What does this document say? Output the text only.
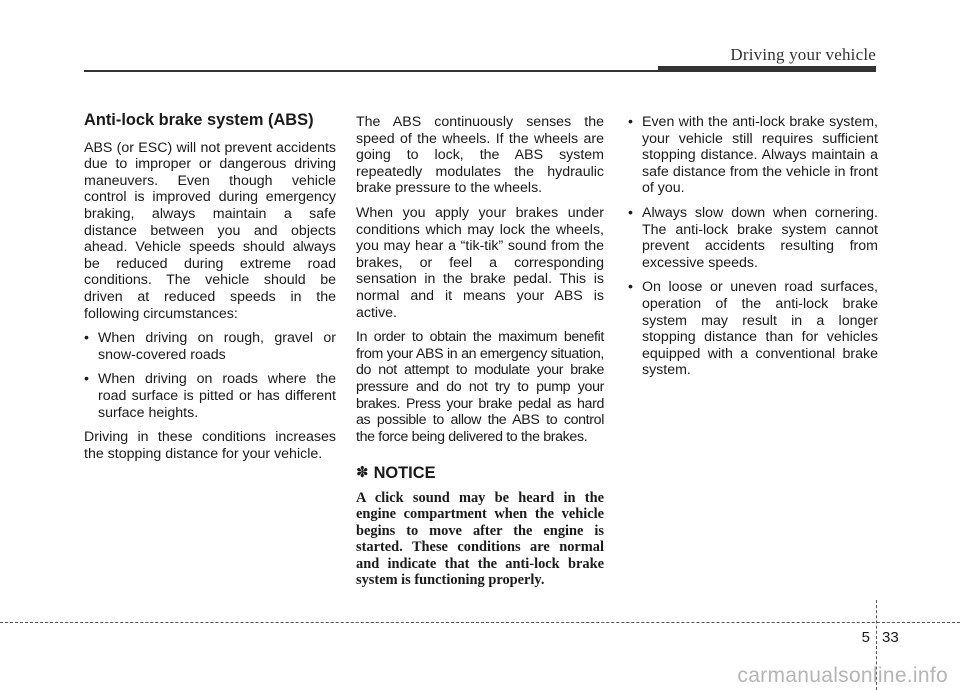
Driving your vehicle
Anti-lock brake system (ABS)

ABS (or ESC) will not prevent accidents due to improper or dangerous driving maneuvers. Even though vehicle control is improved during emergency braking, always maintain a safe distance between you and objects ahead. Vehicle speeds should always be reduced during extreme road conditions. The vehicle should be driven at reduced speeds in the following circumstances:

• When driving on rough, gravel or snow-covered roads
• When driving on roads where the road surface is pitted or has different surface heights.

Driving in these conditions increases the stopping distance for your vehicle.

The ABS continuously senses the speed of the wheels. If the wheels are going to lock, the ABS system repeatedly modulates the hydraulic brake pressure to the wheels.

When you apply your brakes under conditions which may lock the wheels, you may hear a “tik-tik” sound from the brakes, or feel a corresponding sensation in the brake pedal. This is normal and it means your ABS is active.

In order to obtain the maximum benefit from your ABS in an emergency situation, do not attempt to modulate your brake pressure and do not try to pump your brakes. Press your brake pedal as hard as possible to allow the ABS to control the force being delivered to the brakes.

✽ NOTICE

A click sound may be heard in the engine compartment when the vehicle begins to move after the engine is started. These conditions are normal and indicate that the anti-lock brake system is functioning properly.

• Even with the anti-lock brake system, your vehicle still requires sufficient stopping distance. Always maintain a safe distance from the vehicle in front of you.
• Always slow down when cornering. The anti-lock brake system cannot prevent accidents resulting from excessive speeds.
• On loose or uneven road surfaces, operation of the anti-lock brake system may result in a longer stopping distance than for vehicles equipped with a conventional brake system.
5 33
carmanualsonline.info
